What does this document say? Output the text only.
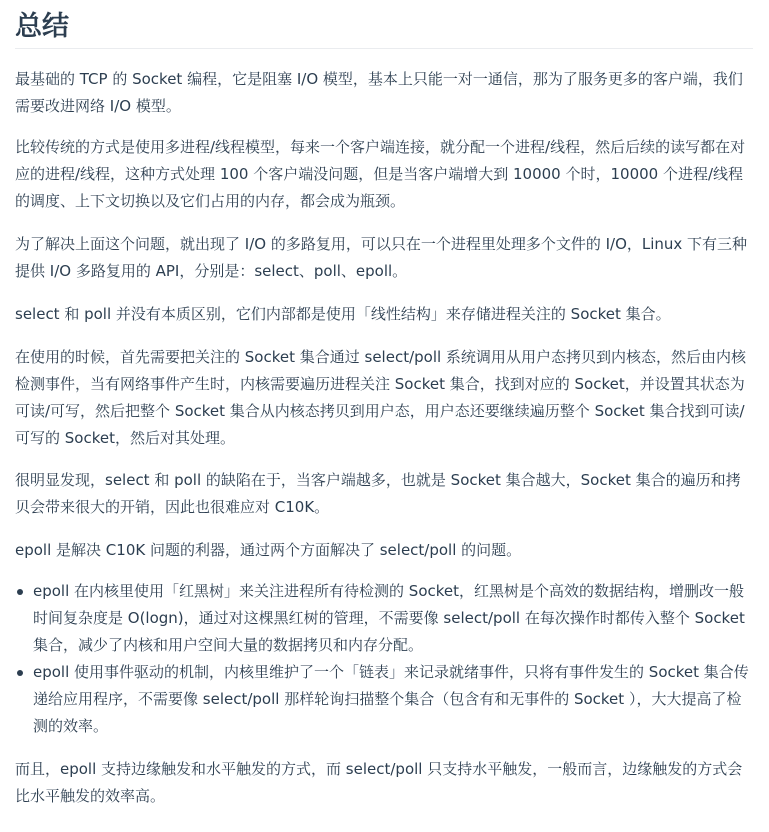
总结

最基础的 TCP 的 Socket 编程，它是阻塞 I/O 模型，基本上只能一对一通信，那为了服务更多的客户端，我们需要改进网络 I/O 模型。

比较传统的方式是使用多进程/线程模型，每来一个客户端连接，就分配一个进程/线程，然后后续的读写都在对应的进程/线程，这种方式处理 100 个客户端没问题，但是当客户端增大到 10000 个时，10000 个进程/线程的调度、上下文切换以及它们占用的内存，都会成为瓶颈。

为了解决上面这个问题，就出现了 I/O 的多路复用，可以只在一个进程里处理多个文件的 I/O，Linux 下有三种提供 I/O 多路复用的 API，分别是：select、poll、epoll。

select 和 poll 并没有本质区别，它们内部都是使用「线性结构」来存储进程关注的 Socket 集合。

在使用的时候，首先需要把关注的 Socket 集合通过 select/poll 系统调用从用户态拷贝到内核态，然后由内核检测事件，当有网络事件产生时，内核需要遍历进程关注 Socket 集合，找到对应的 Socket，并设置其状态为可读/可写，然后把整个 Socket 集合从内核态拷贝到用户态，用户态还要继续遍历整个 Socket 集合找到可读/可写的 Socket，然后对其处理。

很明显发现，select 和 poll 的缺陷在于，当客户端越多，也就是 Socket 集合越大，Socket 集合的遍历和拷贝会带来很大的开销，因此也很难应对 C10K。

epoll 是解决 C10K 问题的利器，通过两个方面解决了 select/poll 的问题。

epoll 在内核里使用「红黑树」来关注进程所有待检测的 Socket，红黑树是个高效的数据结构，增删改一般时间复杂度是 O(logn)，通过对这棵黑红树的管理，不需要像 select/poll 在每次操作时都传入整个 Socket 集合，减少了内核和用户空间大量的数据拷贝和内存分配。
epoll 使用事件驱动的机制，内核里维护了一个「链表」来记录就绪事件，只将有事件发生的 Socket 集合传递给应用程序，不需要像 select/poll 那样轮询扫描整个集合（包含有和无事件的 Socket ），大大提高了检测的效率。

而且，epoll 支持边缘触发和水平触发的方式，而 select/poll 只支持水平触发，一般而言，边缘触发的方式会比水平触发的效率高。
